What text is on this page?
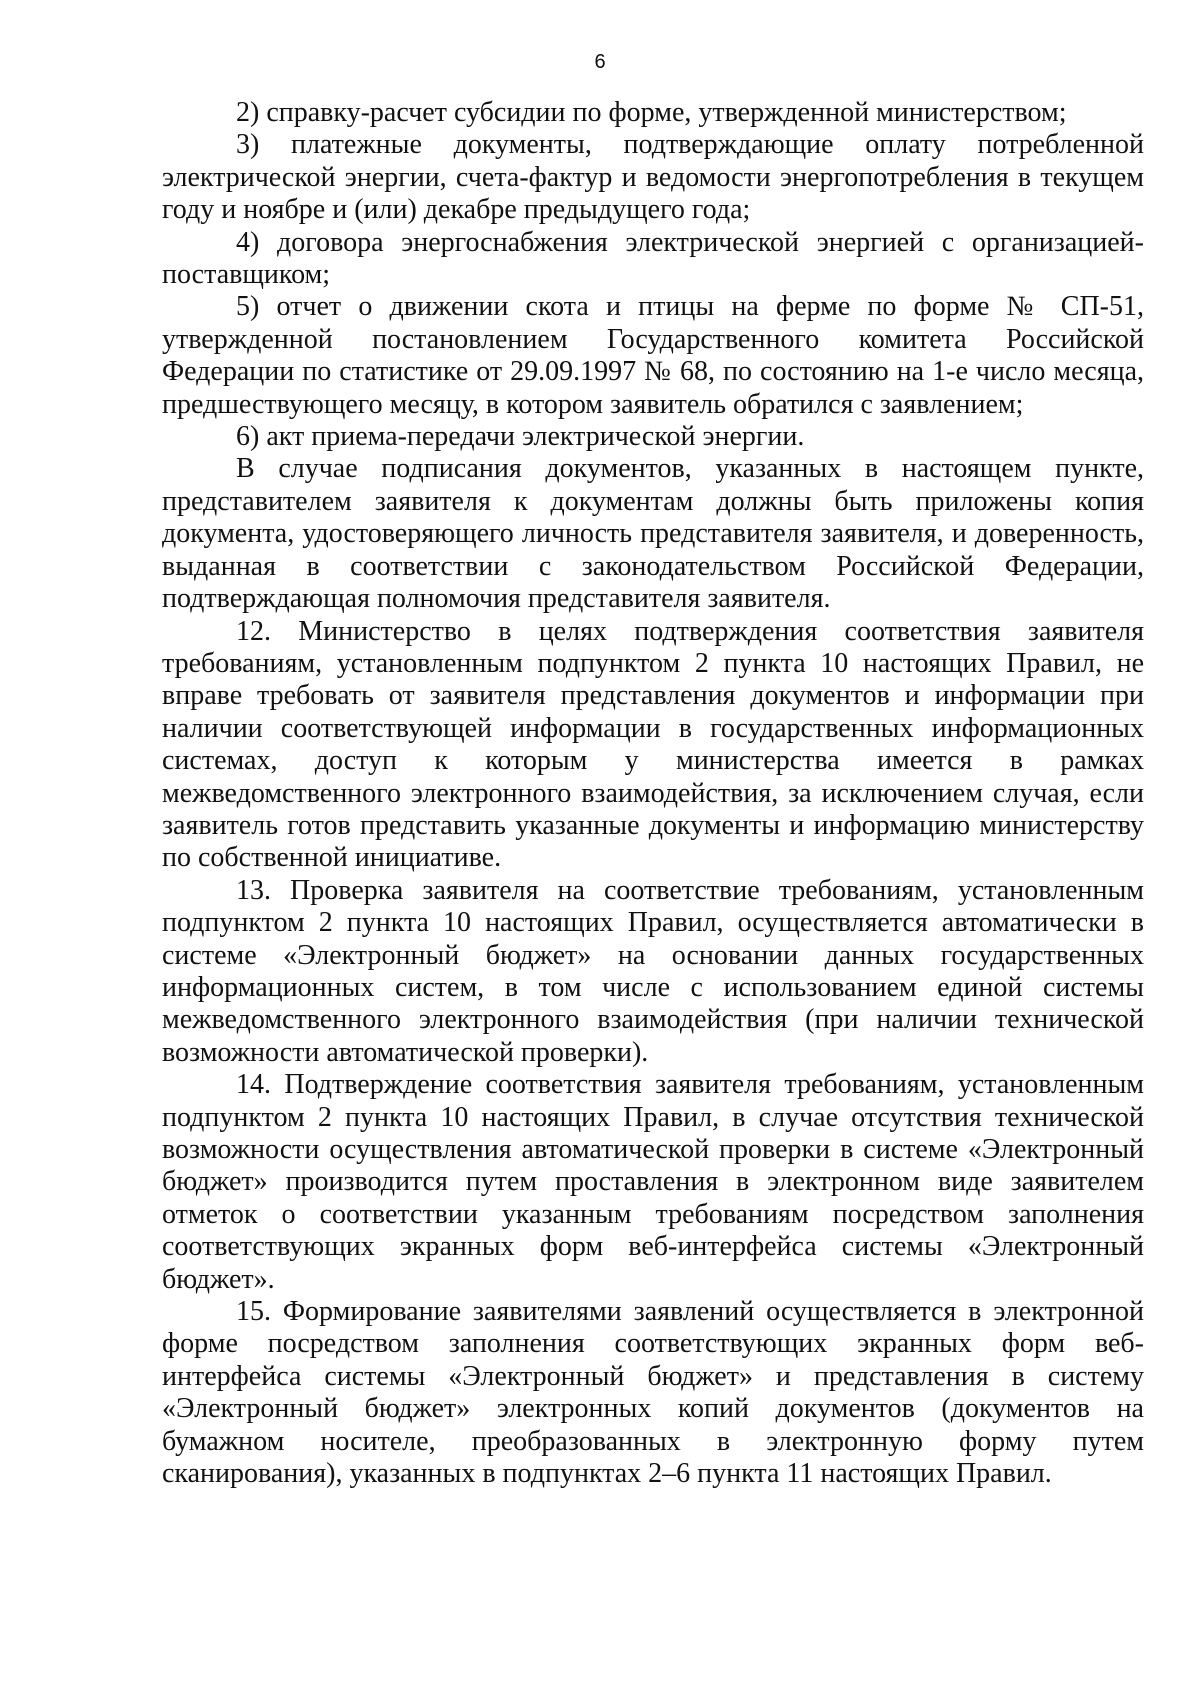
6

2) справку-расчет субсидии по форме, утвержденной министерством;

3) платежные документы, подтверждающие оплату потребленной электрической энергии, счета-фактур и ведомости энергопотребления в текущем году и ноябре и (или) декабре предыдущего года;

4) договора энергоснабжения электрической энергией с организацией-поставщиком;

5) отчет о движении скота и птицы на ферме по форме № СП-51, утвержденной постановлением Государственного комитета Российской Федерации по статистике от 29.09.1997 № 68, по состоянию на 1-е число месяца, предшествующего месяцу, в котором заявитель обратился с заявлением;

6) акт приема-передачи электрической энергии.

В случае подписания документов, указанных в настоящем пункте, представителем заявителя к документам должны быть приложены копия документа, удостоверяющего личность представителя заявителя, и доверенность, выданная в соответствии с законодательством Российской Федерации, подтверждающая полномочия представителя заявителя.

12. Министерство в целях подтверждения соответствия заявителя требованиям, установленным подпунктом 2 пункта 10 настоящих Правил, не вправе требовать от заявителя представления документов и информации при наличии соответствующей информации в государственных информационных системах, доступ к которым у министерства имеется в рамках межведомственного электронного взаимодействия, за исключением случая, если заявитель готов представить указанные документы и информацию министерству по собственной инициативе.

13. Проверка заявителя на соответствие требованиям, установленным подпунктом 2 пункта 10 настоящих Правил, осуществляется автоматически в системе «Электронный бюджет» на основании данных государственных информационных систем, в том числе с использованием единой системы межведомственного электронного взаимодействия (при наличии технической возможности автоматической проверки).

14. Подтверждение соответствия заявителя требованиям, установленным подпунктом 2 пункта 10 настоящих Правил, в случае отсутствия технической возможности осуществления автоматической проверки в системе «Электронный бюджет» производится путем проставления в электронном виде заявителем отметок о соответствии указанным требованиям посредством заполнения соответствующих экранных форм веб-интерфейса системы «Электронный бюджет».

15. Формирование заявителями заявлений осуществляется в электронной форме посредством заполнения соответствующих экранных форм веб-интерфейса системы «Электронный бюджет» и представления в систему «Электронный бюджет» электронных копий документов (документов на бумажном носителе, преобразованных в электронную форму путем сканирования), указанных в подпунктах 2–6 пункта 11 настоящих Правил.
